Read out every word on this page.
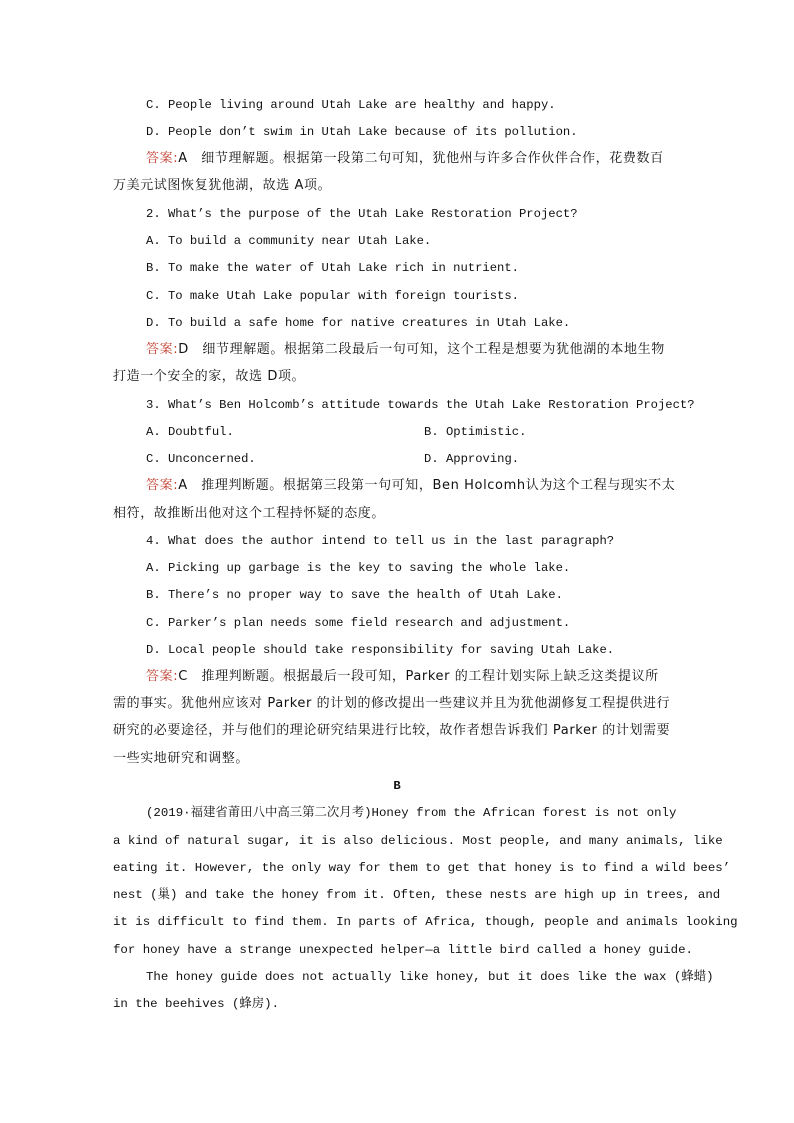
C. People living around Utah Lake are healthy and happy.
D. People don’t swim in Utah Lake because of its pollution.
答案:A　细节理解题。根据第一段第二句可知，犹他州与许多合作伙伴合作，花费数百
万美元试图恢复犹他湖，故选 A项。
2. What’s the purpose of the Utah Lake Restoration Project?
A. To build a community near Utah Lake.
B. To make the water of Utah Lake rich in nutrient.
C. To make Utah Lake popular with foreign tourists.
D. To build a safe home for native creatures in Utah Lake.
答案:D　细节理解题。根据第二段最后一句可知，这个工程是想要为犹他湖的本地生物
打造一个安全的家，故选 D项。
3. What’s Ben Holcomb’s attitude towards the Utah Lake Restoration Project?
A. Doubtful.	B. Optimistic.
C. Unconcerned.	D. Approving.
答案:A　推理判断题。根据第三段第一句可知，Ben Holcomh认为这个工程与现实不太
相符，故推断出他对这个工程持怀疑的态度。
4. What does the author intend to tell us in the last paragraph?
A. Picking up garbage is the key to saving the whole lake.
B. There’s no proper way to save the health of Utah Lake.
C. Parker’s plan needs some field research and adjustment.
D. Local people should take responsibility for saving Utah Lake.
答案:C　推理判断题。根据最后一段可知，Parker 的工程计划实际上缺乏这类提议所
需的事实。犹他州应该对 Parker 的计划的修改提出一些建议并且为犹他湖修复工程提供进行
研究的必要途径，并与他们的理论研究结果进行比较，故作者想告诉我们 Parker 的计划需要
一些实地研究和调整。
B
(2019·福建省莆田八中高三第二次月考)Honey from the African forest is not only
a kind of natural sugar, it is also delicious. Most people, and many animals, like
eating it. However, the only way for them to get that honey is to find a wild bees’
nest (巢) and take the honey from it. Often, these nests are high up in trees, and
it is difficult to find them. In parts of Africa, though, people and animals looking
for honey have a strange unexpected helper—a little bird called a honey guide.
The honey guide does not actually like honey, but it does like the wax (蜂蜡)
in the beehives (蜂房).
